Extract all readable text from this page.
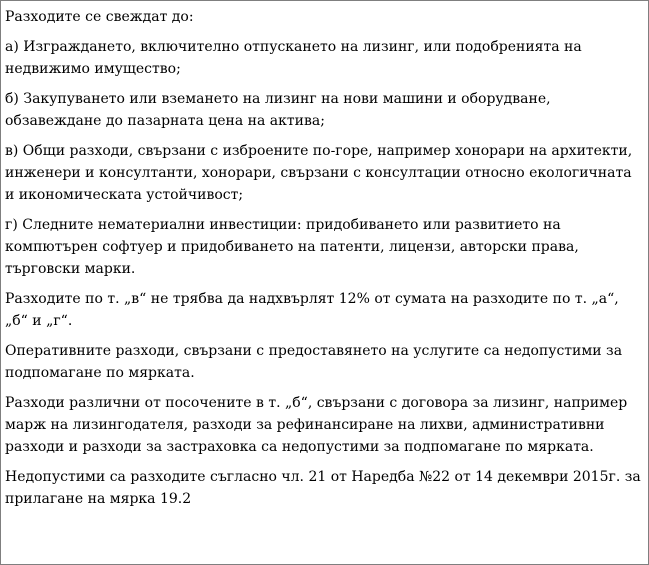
Разходите се свеждат до:

а) Изграждането, включително отпускането на лизинг, или подобренията на недвижимо имущество;

б) Закупуването или вземането на лизинг на нови машини и оборудване, обзавеждане до пазарната цена на актива;

в) Общи разходи, свързани с изброените по-горе, например хонорари на архитекти, инженери и консултанти, хонорари, свързани с консултации относно екологичната и икономическата устойчивост;

г) Следните нематериални инвестиции: придобиването или развитието на компютърен софтуер и придобиването на патенти, лицензи, авторски права, търговски марки.

Разходите по т. „в“ не трябва да надхвърлят 12% от сумата на разходите по т. „а“, „б“ и „г“.

Оперативните разходи, свързани с предоставянето на услугите са недопустими за подпомагане по мярката.

Разходи различни от посочените в т. „б“, свързани с договора за лизинг, например марж на лизингодателя, разходи за рефинансиране на лихви, административни разходи и разходи за застраховка са недопустими за подпомагане по мярката.

Недопустими са разходите съгласно чл. 21 от Наредба №22 от 14 декември 2015г. за прилагане на мярка 19.2
